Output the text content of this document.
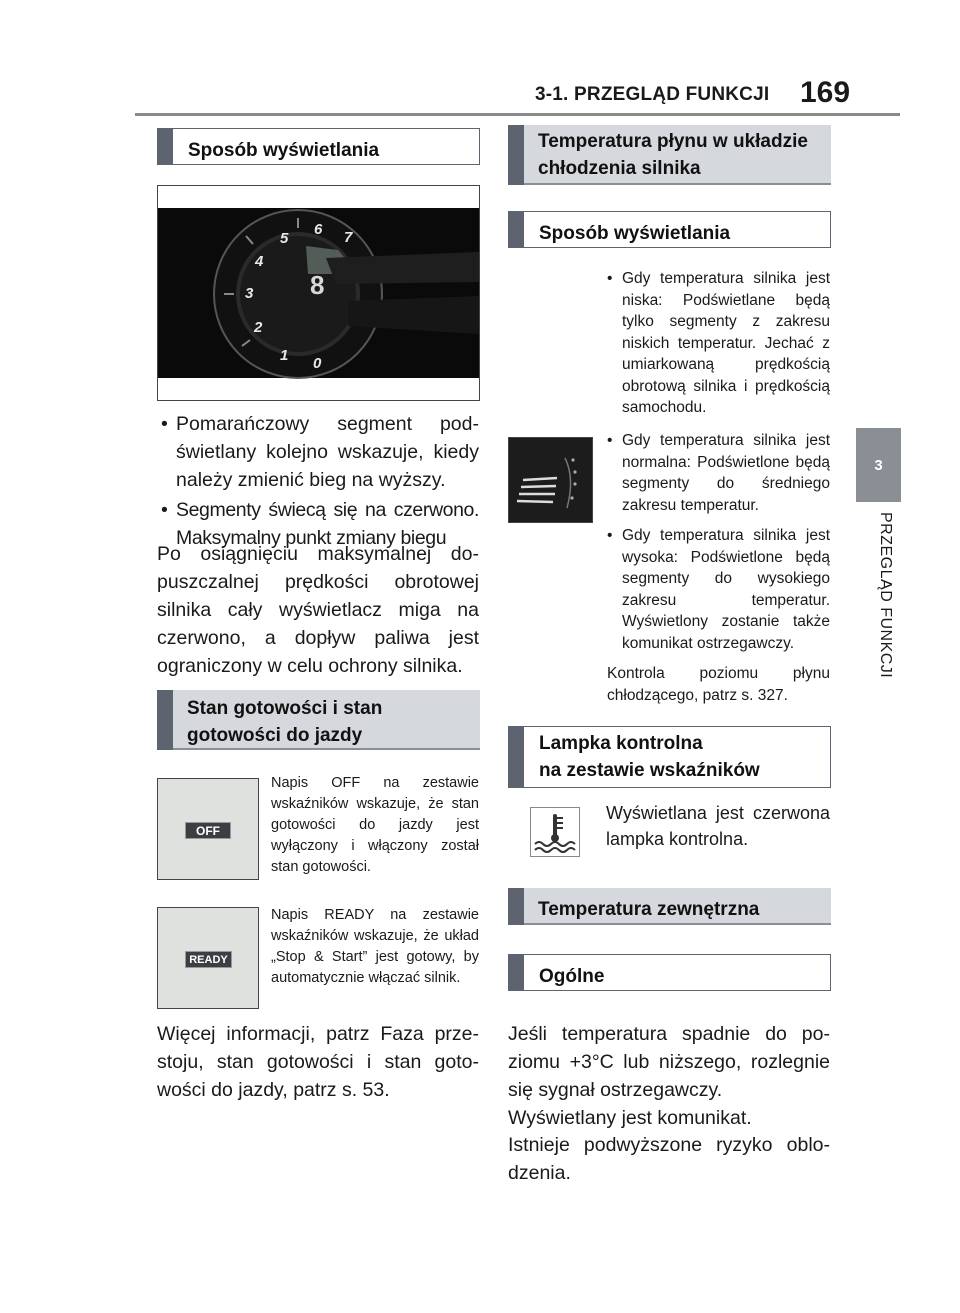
3-1. PRZEGLĄD FUNKCJI 169
3
PRZEGLĄD FUNKCJI
Sposób wyświetlania
8
0
1
2
3
4
5
6 7
• Pomarańczowy segment podświetlany kolejno wskazuje, kiedy należy zmienić bieg na wyższy.
• Segmenty świecą się na czerwono. Maksymalny punkt zmiany biegu
Po osiągnięciu maksymalnej dopuszczalnej prędkości obrotowej silnika cały wyświetlacz miga na czerwono, a dopływ paliwa jest ograniczony w celu ochrony silnika.
Stan gotowości i stan
gotowości do jazdy
OFF
Napis OFF na zestawie wskaźników wskazuje, że stan gotowości do jazdy jest wyłączony i włączony został stan gotowości.
READY
Napis READY na zestawie wskaźników wskazuje, że układ „Stop & Start” jest gotowy, by automatycznie włączać silnik.
Więcej informacji, patrz Faza przestoju, stan gotowości i stan gotowości do jazdy, patrz s. 53.
Temperatura płynu w układzie
chłodzenia silnika
Sposób wyświetlania
• Gdy temperatura silnika jest niska: Podświetlane będą tylko segmenty z zakresu niskich temperatur. Jechać z umiarkowaną prędkością obrotową silnika i prędkością samochodu.
• Gdy temperatura silnika jest normalna: Podświetlone będą segmenty do średniego zakresu temperatur.
• Gdy temperatura silnika jest wysoka: Podświetlone będą segmenty do wysokiego zakresu temperatur. Wyświetlony zostanie także komunikat ostrzegawczy.
Kontrola poziomu płynu chłodzącego, patrz s. 327.
Lampka kontrolna
na zestawie wskaźników
Wyświetlana jest czerwona lampka kontrolna.
Temperatura zewnętrzna
Ogólne
Jeśli temperatura spadnie do poziomu +3°C lub niższego, rozlegnie się sygnał ostrzegawczy.
Wyświetlany jest komunikat.
Istnieje podwyższone ryzyko oblodzenia.
